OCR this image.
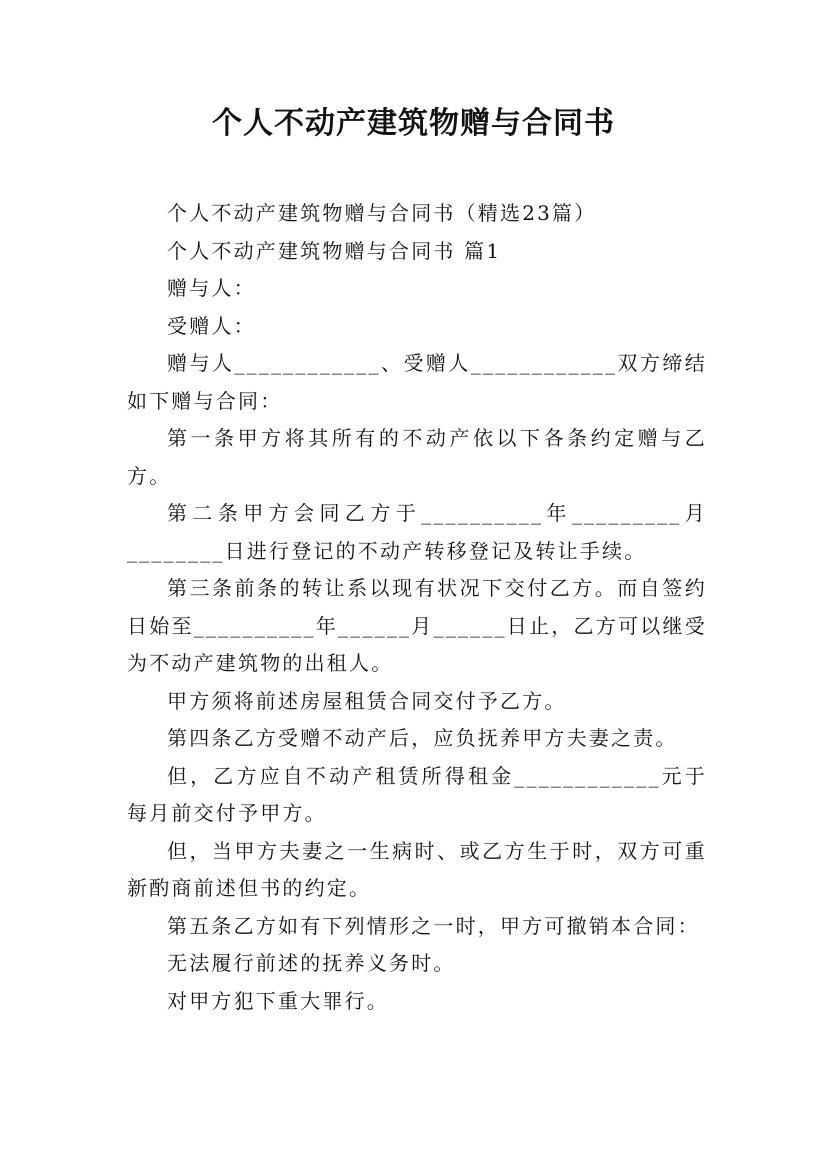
个人不动产建筑物赠与合同书

个人不动产建筑物赠与合同书（精选23篇）

个人不动产建筑物赠与合同书 篇1

赠与人：

受赠人：

赠与人____________、受赠人____________双方缔结如下赠与合同：

第一条甲方将其所有的不动产依以下各条约定赠与乙方。

第二条甲方会同乙方于__________年_________月________日进行登记的不动产转移登记及转让手续。

第三条前条的转让系以现有状况下交付乙方。而自签约日始至__________年______月______日止，乙方可以继受为不动产建筑物的出租人。

甲方须将前述房屋租赁合同交付予乙方。

第四条乙方受赠不动产后，应负抚养甲方夫妻之责。

但，乙方应自不动产租赁所得租金____________元于每月前交付予甲方。

但，当甲方夫妻之一生病时、或乙方生于时，双方可重新酌商前述但书的约定。

第五条乙方如有下列情形之一时，甲方可撤销本合同：

无法履行前述的抚养义务时。

对甲方犯下重大罪行。
